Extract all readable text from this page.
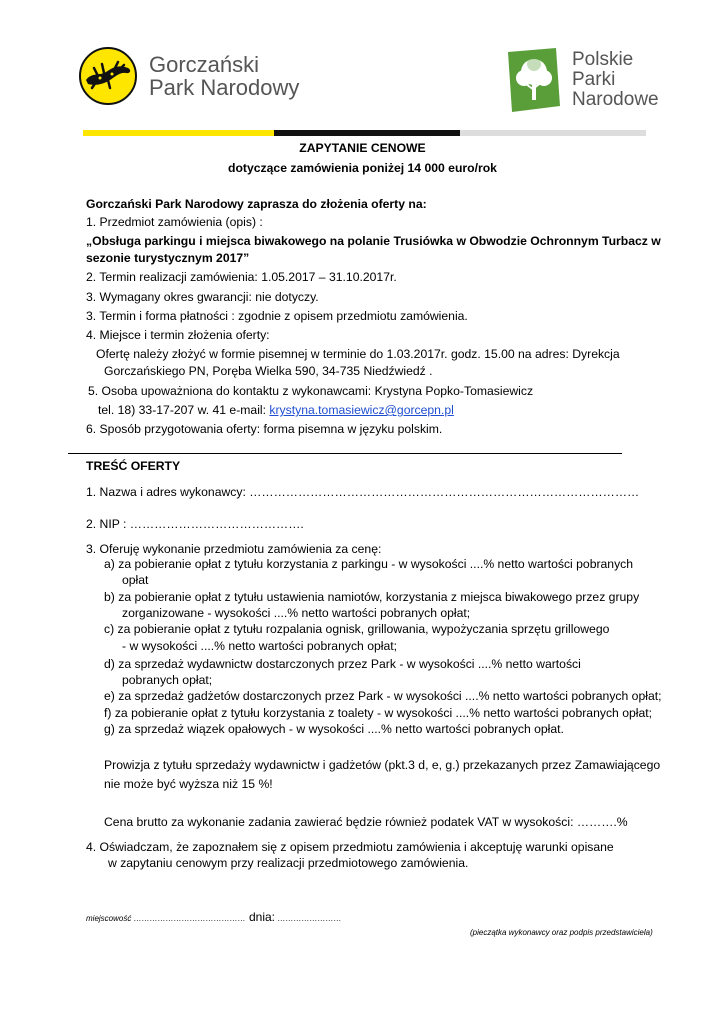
Gorczański
Park Narodowy
Polskie
Parki
Narodowe
ZAPYTANIE CENOWE
dotyczące zamówienia poniżej 14 000 euro/rok
Gorczański Park Narodowy zaprasza do złożenia oferty na:
1. Przedmiot zamówienia (opis) :
„Obsługa parkingu i miejsca biwakowego na polanie Trusiówka w Obwodzie Ochronnym Turbacz w
sezonie turystycznym 2017”
2. Termin realizacji zamówienia: 1.05.2017 – 31.10.2017r.
3. Wymagany okres gwarancji: nie dotyczy.
3. Termin i forma płatności : zgodnie z opisem przedmiotu zamówienia.
4. Miejsce i termin złożenia oferty:
Ofertę należy złożyć w formie pisemnej w terminie do 1.03.2017r. godz. 15.00 na adres: Dyrekcja
Gorczańskiego PN, Poręba Wielka 590, 34-735 Niedźwiedź .
5. Osoba upoważniona do kontaktu z wykonawcami: Krystyna Popko-Tomasiewicz
tel. 18) 33-17-207 w. 41 e-mail: krystyna.tomasiewicz@gorcepn.pl
6. Sposób przygotowania oferty: forma pisemna w języku polskim.
TREŚĆ OFERTY
1. Nazwa i adres wykonawcy: ……………………………………………………………………………………
2. NIP : …………………………………….
3. Oferuję wykonanie przedmiotu zamówienia za cenę:
a) za pobieranie opłat z tytułu korzystania z parkingu - w wysokości ....% netto wartości pobranych
opłat
b) za pobieranie opłat z tytułu ustawienia namiotów, korzystania z miejsca biwakowego przez grupy
zorganizowane - wysokości ....% netto wartości pobranych opłat;
c) za pobieranie opłat z tytułu rozpalania ognisk, grillowania, wypożyczania sprzętu grillowego
- w wysokości ....% netto wartości pobranych opłat;
d) za sprzedaż wydawnictw dostarczonych przez Park - w wysokości ....% netto wartości
pobranych opłat;
e) za sprzedaż gadżetów dostarczonych przez Park - w wysokości ....% netto wartości pobranych opłat;
f) za pobieranie opłat z tytułu korzystania z toalety - w wysokości ....% netto wartości pobranych opłat;
g) za sprzedaż wiązek opałowych - w wysokości ....% netto wartości pobranych opłat.
Prowizja z tytułu sprzedaży wydawnictw i gadżetów (pkt.3 d, e, g.) przekazanych przez Zamawiającego
nie może być wyższa niż 15 %!
Cena brutto za wykonanie zadania zawierać będzie również podatek VAT w wysokości: ……….%
4. Oświadczam, że zapoznałem się z opisem przedmiotu zamówienia i akceptuję warunki opisane
w zapytaniu cenowym przy realizacji przedmiotowego zamówienia.
miejscowość …………………………………… dnia: ……………………
(pieczątka wykonawcy oraz podpis przedstawiciela)
